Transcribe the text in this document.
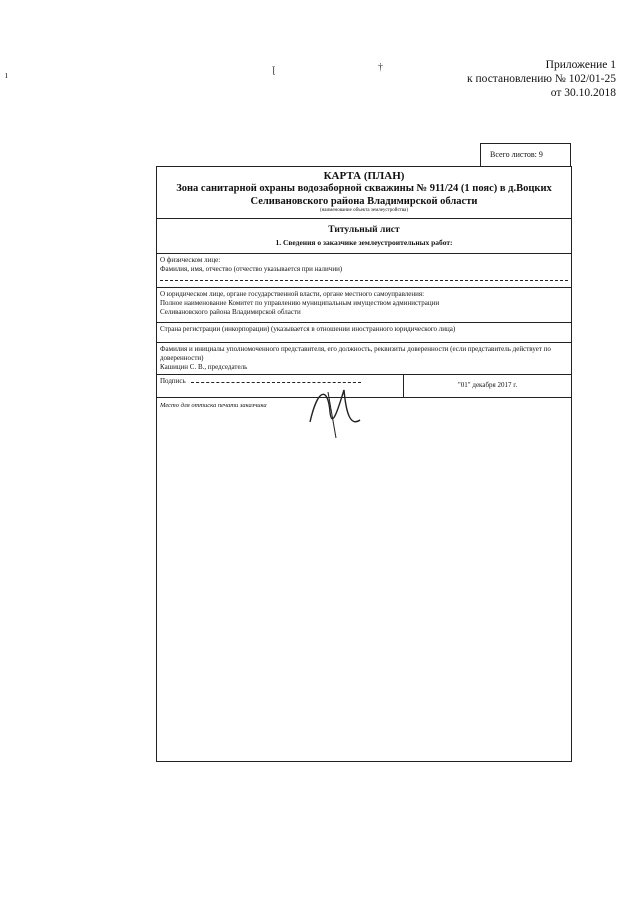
Приложение 1
к постановлению № 102/01-25
от 30.10.2018
ı
ꞁ	†
Всего листов: 9
КАРТА (ПЛАН)
Зона санитарной охраны водозаборной скважины № 911/24 (1 пояс) в д.Воцких
Селивановского района Владимирской области
(наименование объекта землеустройства)
Титульный лист
1. Сведения о заказчике землеустроительных работ:
О физическом лице:
Фамилия, имя, отчество (отчество указывается при наличии)
О юридическом лице, органе государственной власти, органе местного самоуправления:
Полное наименование Комитет по управлению муниципальным имуществом администрации
Селивановского района Владимирской области
Страна регистрации (инкорпорации) (указывается в отношении иностранного юридического лица)
Фамилия и инициалы уполномоченного представителя, его должность, реквизиты доверенности (если представитель действует по доверенности)
Кашицин С. В., председатель
Подпись	"01" декабря 2017 г.
Место для оттиска печати заказчика
